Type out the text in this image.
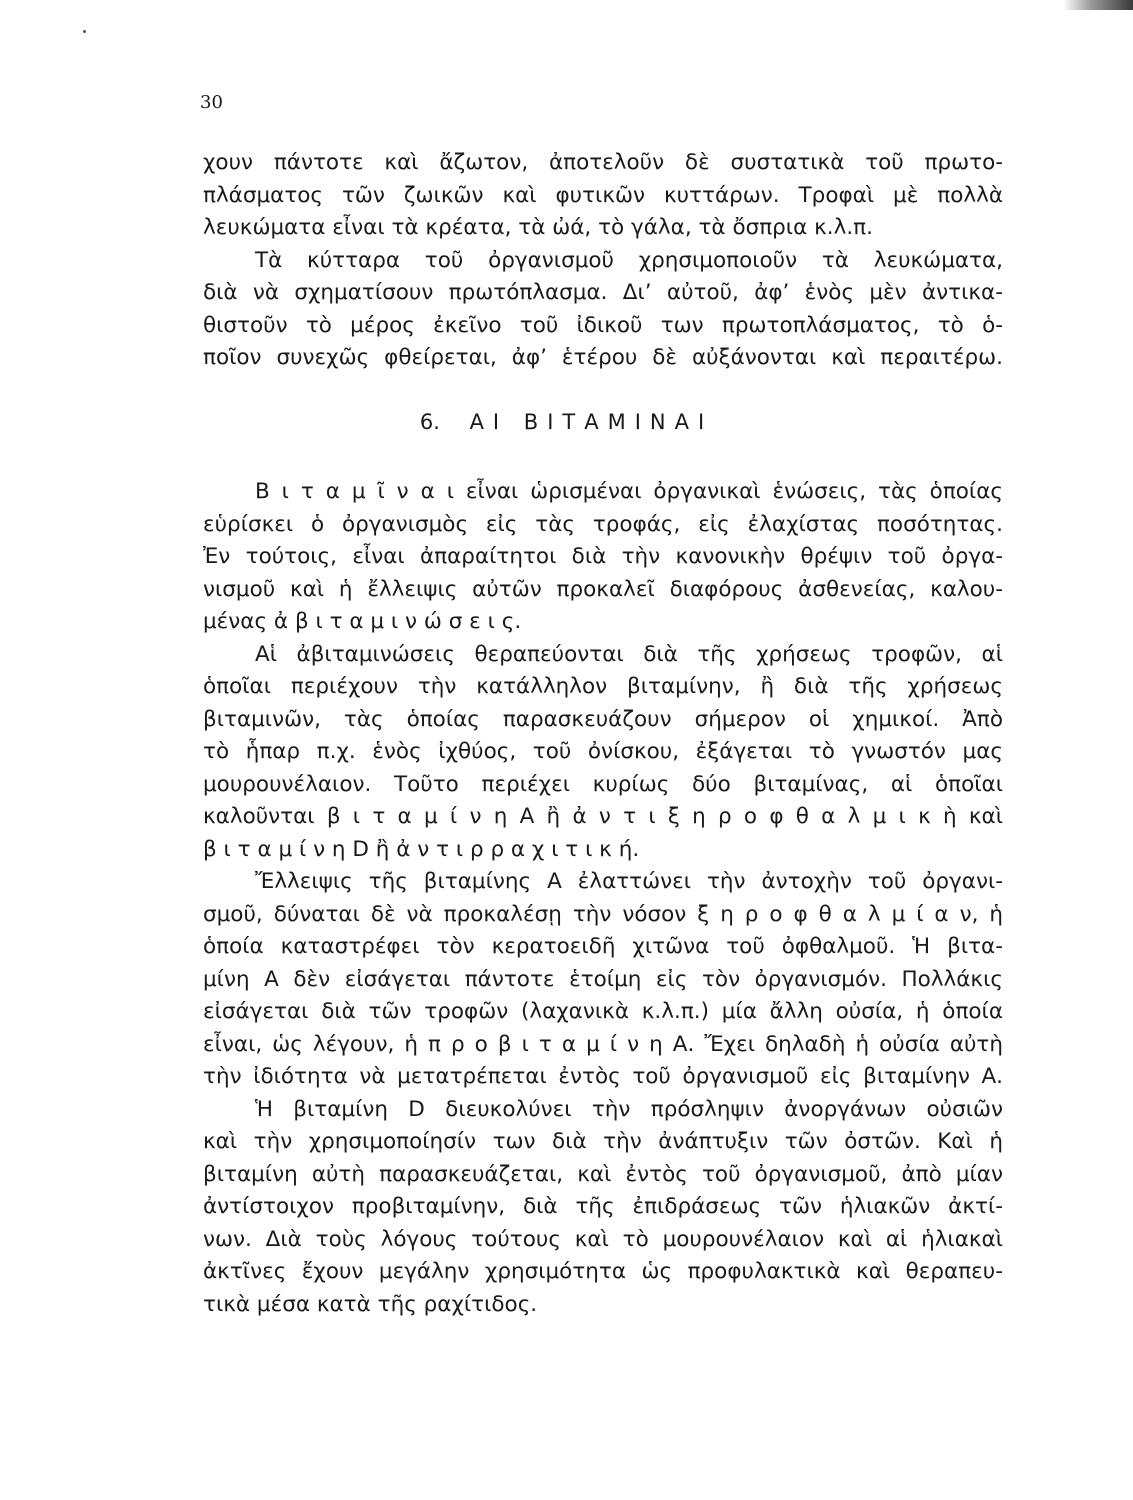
30
χουν πάντοτε καὶ ἄζωτον, ἀποτελοῦν δὲ συστατικὰ τοῦ πρωτο-
πλάσματος τῶν ζωικῶν καὶ φυτικῶν κυττάρων. Τροφαὶ μὲ πολλὰ
λευκώματα εἶναι τὰ κρέατα, τὰ ὠά, τὸ γάλα, τὰ ὄσπρια κ.λ.π.
Τὰ κύτταρα τοῦ ὀργανισμοῦ χρησιμοποιοῦν τὰ λευκώματα,
διὰ νὰ σχηματίσουν πρωτόπλασμα. Δι’ αὐτοῦ, ἀφ’ ἑνὸς μὲν ἀντικα-
θιστοῦν τὸ μέρος ἐκεῖνο τοῦ ἰδικοῦ των πρωτοπλάσματος, τὸ ὁ-
ποῖον συνεχῶς φθείρεται, ἀφ’ ἑτέρου δὲ αὐξάνονται καὶ περαιτέρω.
6. ΑΙ ΒΙΤΑΜΙΝΑΙ
Β ι τ α μ ῖ ν α ι εἶναι ὡρισμέναι ὀργανικαὶ ἑνώσεις, τὰς ὁποίας
εὑρίσκει ὁ ὀργανισμὸς εἰς τὰς τροφάς, εἰς ἐλαχίστας ποσότητας.
Ἐν τούτοις, εἶναι ἀπαραίτητοι διὰ τὴν κανονικὴν θρέψιν τοῦ ὀργα-
νισμοῦ καὶ ἡ ἔλλειψις αὐτῶν προκαλεῖ διαφόρους ἀσθενείας, καλου-
μένας ἀ β ι τ α μ ι ν ώ σ ε ι ς.
Αἱ ἀβιταμινώσεις θεραπεύονται διὰ τῆς χρήσεως τροφῶν, αἱ
ὁποῖαι περιέχουν τὴν κατάλληλον βιταμίνην, ἢ διὰ τῆς χρήσεως
βιταμινῶν, τὰς ὁποίας παρασκευάζουν σήμερον οἱ χημικοί. Ἀπὸ
τὸ ἧπαρ π.χ. ἑνὸς ἰχθύος, τοῦ ὀνίσκου, ἐξάγεται τὸ γνωστόν μας
μουρουνέλαιον. Τοῦτο περιέχει κυρίως δύο βιταμίνας, αἱ ὁποῖαι
καλοῦνται β ι τ α μ ί ν η Α ἢ ἀ ν τ ι ξ η ρ ο φ θ α λ μ ι κ ὴ καὶ
β ι τ α μ ί ν η D ἢ ἀ ν τ ι ρ ρ α χ ι τ ι κ ή.
Ἔλλειψις τῆς βιταμίνης Α ἐλαττώνει τὴν ἀντοχὴν τοῦ ὀργανι-
σμοῦ, δύναται δὲ νὰ προκαλέσῃ τὴν νόσον ξ η ρ ο φ θ α λ μ ί α ν, ἡ
ὁποία καταστρέφει τὸν κερατοειδῆ χιτῶνα τοῦ ὀφθαλμοῦ. Ἡ βιτα-
μίνη Α δὲν εἰσάγεται πάντοτε ἑτοίμη εἰς τὸν ὀργανισμόν. Πολλάκις
εἰσάγεται διὰ τῶν τροφῶν (λαχανικὰ κ.λ.π.) μία ἄλλη οὐσία, ἡ ὁποία
εἶναι, ὡς λέγουν, ἡ π ρ ο β ι τ α μ ί ν η Α. Ἔχει δηλαδὴ ἡ οὐσία αὐτὴ
τὴν ἰδιότητα νὰ μετατρέπεται ἐντὸς τοῦ ὀργανισμοῦ εἰς βιταμίνην Α.
Ἡ βιταμίνη D διευκολύνει τὴν πρόσληψιν ἀνοργάνων οὐσιῶν
καὶ τὴν χρησιμοποίησίν των διὰ τὴν ἀνάπτυξιν τῶν ὀστῶν. Καὶ ἡ
βιταμίνη αὐτὴ παρασκευάζεται, καὶ ἐντὸς τοῦ ὀργανισμοῦ, ἀπὸ μίαν
ἀντίστοιχον προβιταμίνην, διὰ τῆς ἐπιδράσεως τῶν ἡλιακῶν ἀκτί-
νων. Διὰ τοὺς λόγους τούτους καὶ τὸ μουρουνέλαιον καὶ αἱ ἡλιακαὶ
ἀκτῖνες ἔχουν μεγάλην χρησιμότητα ὡς προφυλακτικὰ καὶ θεραπευ-
τικὰ μέσα κατὰ τῆς ραχίτιδος.
